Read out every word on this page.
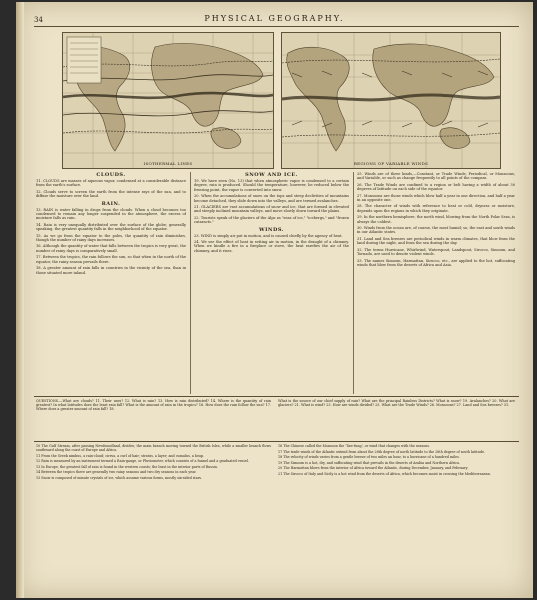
34	PHYSICAL GEOGRAPHY.
ISOTHERMAL LINES	REGIONS OF VARIABLE WINDS
CLOUDS.

11. CLOUDS are masses of aqueous vapor, condensed at a considerable distance from the earth's surface.

12. Clouds serve to screen the earth from the intense rays of the sun, and to diffuse the moisture over the land.

RAIN.

13. RAIN is water falling in drops from the clouds. When a cloud becomes too condensed to remain any longer suspended in the atmosphere, the excess of moisture falls as rain.

14. Rain is very unequally distributed over the surface of the globe; generally speaking, the greatest quantity falls in the neighborhood of the equator.

15. As we go from the equator to the poles, the quantity of rain diminishes, though the number of rainy days increases.

16. Although the quantity of water that falls between the tropics is very great, the number of rainy days is comparatively small.

17. Between the tropics, the rain follows the sun, so that when in the north of the equator, the rainy season prevails there.

18. A greater amount of rain falls in countries in the vicinity of the sea, than in those situated more inland.

SNOW AND ICE.

19. We have seen (No. 13) that when atmospheric vapor is condensed to a certain degree, rain is produced. Should the temperature, however, be reduced below the freezing point, the vapor is converted into snow.

20. When the accumulations of snow on the tops and steep declivities of mountains become detached, they slide down into the valleys, and are termed avalanches.

21. GLACIERS are vast accumulations of snow and ice, that are formed in elevated and steeply inclined mountain valleys, and move slowly down toward the plains.

22. Tourists speak of the glaciers of the Alps as "seas of ice," "icebergs," and "frozen cataracts."

WINDS.

23. WIND is simply air put in motion, and is caused chiefly by the agency of heat.

24. We see the effect of heat in setting air in motion, in the draught of a chimney. When we kindle a fire in a fireplace or stove, the heat rarefies the air of the chimney, and it rises.

25. Winds are of three kinds,—Constant, or Trade Winds; Periodical, or Monsoons; and Variable, or such as change frequently to all points of the compass.

26. The Trade Winds are confined to a region or belt having a width of about 30 degrees of latitude on each side of the equator.

27. Monsoons are those winds which blow half a year in one direction, and half a year in an opposite one.

28. The character of winds with reference to heat or cold, dryness or moisture, depends upon the regions in which they originate.

29. In the northern hemisphere, the north wind, blowing from the North Polar Seas, is always the coldest.

30. Winds from the ocean are, of course, the most humid; so, the east and south winds in our Atlantic states.

31. Land and Sea breezes are periodical winds in warm climates, that blow from the land during the night, and from the sea during the day.

32. The terms Hurricane, Whirlwind, Waterspout, Landspout, Sirocco, Simoom, and Tornado, are used to denote violent winds.

33. The names Simoom, Harmattan, Sirocco, etc., are applied to the hot, suffocating winds that blow from the deserts of Africa and Asia.

QUESTIONS.—What are clouds? 11. Their uses? 12. What is rain? 13. How is rain distributed? 14. Where is the quantity of rain greatest? In what latitudes does the least rain fall? What is the amount of rain in the tropics? 16. How does the rain follow the sun? 17. Where does a greater amount of rain fall? 18.

What is the source of our chief supply of rain? What are the principal Rainless Districts? What is snow? 19. Avalanches? 20. What are glaciers? 21. What is wind? 23. How are winds divided? 25. What are the Trade Winds? 26. Monsoons? 27. Land and Sea breezes? 31.

10 The Gulf Stream, after passing Newfoundland, divides; the main branch moving toward the British Isles, while a smaller branch flows southward along the coast of Europe and Africa.

11 From the Greek nimbus, a rain-cloud; cirrus, a curl of hair; stratus, a layer; and cumulus, a heap.

12 Rain is measured by an instrument termed a Rain-gauge, or Pluviometer, which consists of a funnel and a graduated vessel.

13 In Europe, the greatest fall of rain is found in the western coasts; the least in the interior parts of Russia.

14 Between the tropics there are generally two rainy seasons and two dry seasons in each year.

15 Snow is composed of minute crystals of ice, which assume various forms, mostly six-sided stars.

16 The Chinese called the Monsoon the 'Taw-fung', or wind that changes with the seasons.

17 The trade winds of the Atlantic extend from about the 28th degree of north latitude to the 28th degree of south latitude.

18 The velocity of winds varies from a gentle breeze of two miles an hour, to a hurricane of a hundred miles.

19 The Simoom is a hot, dry, and suffocating wind that prevails in the deserts of Arabia and Northern Africa.

20 The Harmattan blows from the interior of Africa toward the Atlantic, during December, January, and February.

21 The Sirocco of Italy and Sicily is a hot wind from the deserts of Africa, which becomes moist in crossing the Mediterranean.
